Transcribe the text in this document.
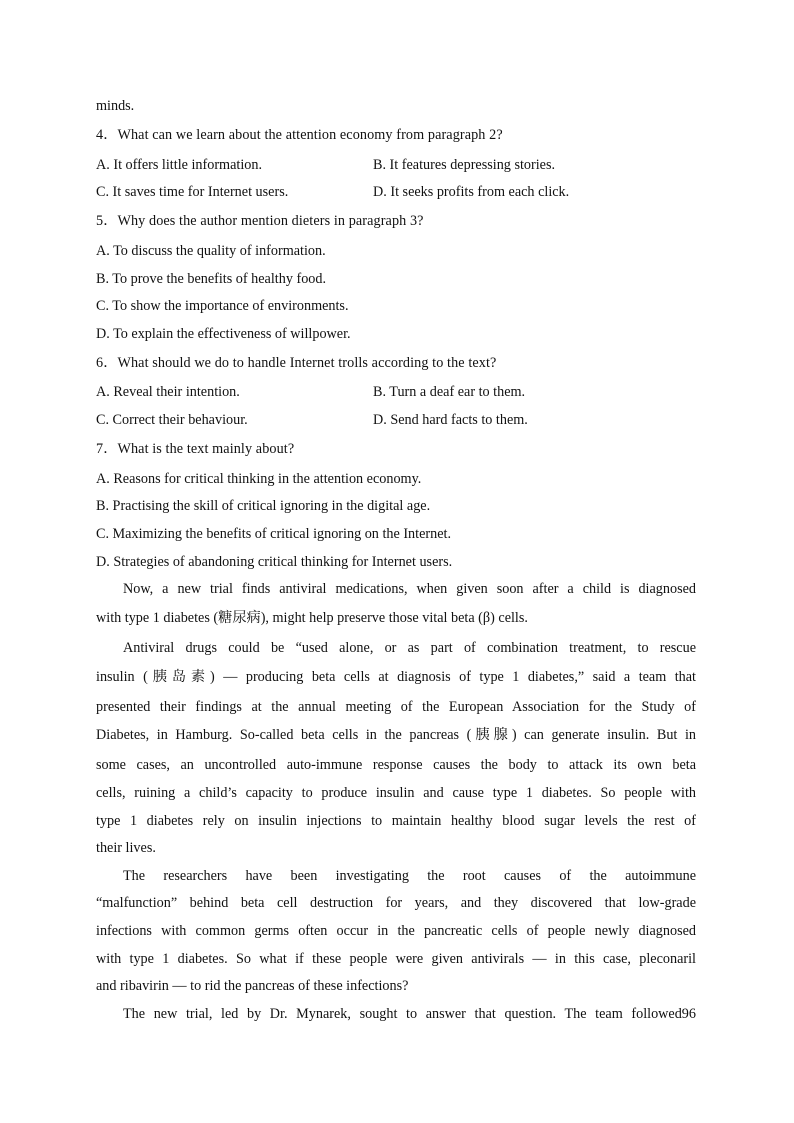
minds.
4．What can we learn about the attention economy from paragraph 2?
A. It offers little information.	B. It features depressing stories.
C. It saves time for Internet users.	D. It seeks profits from each click.
5．Why does the author mention dieters in paragraph 3?
A. To discuss the quality of information.
B. To prove the benefits of healthy food.
C. To show the importance of environments.
D. To explain the effectiveness of willpower.
6．What should we do to handle Internet trolls according to the text?
A. Reveal their intention.	B. Turn a deaf ear to them.
C. Correct their behaviour.	D. Send hard facts to them.
7．What is the text mainly about?
A. Reasons for critical thinking in the attention economy.
B. Practising the skill of critical ignoring in the digital age.
C. Maximizing the benefits of critical ignoring on the Internet.
D. Strategies of abandoning critical thinking for Internet users.
Now, a new trial finds antiviral medications, when given soon after a child is diagnosed
with type 1 diabetes (糖尿病), might help preserve those vital beta (β) cells.
Antiviral drugs could be “used alone, or as part of combination treatment, to rescue
insulin (胰岛素) — producing beta cells at diagnosis of type 1 diabetes,” said a team that
presented their findings at the annual meeting of the European Association for the Study of
Diabetes, in Hamburg. So-called beta cells in the pancreas (胰腺) can generate insulin. But in
some cases, an uncontrolled auto-immune response causes the body to attack its own beta
cells, ruining a child’s capacity to produce insulin and cause type 1 diabetes. So people with
type 1 diabetes rely on insulin injections to maintain healthy blood sugar levels the rest of
their lives.
The researchers have been investigating the root causes of the autoimmune
“malfunction” behind beta cell destruction for years, and they discovered that low-grade
infections with common germs often occur in the pancreatic cells of people newly diagnosed
with type 1 diabetes. So what if these people were given antivirals — in this case, pleconaril
and ribavirin — to rid the pancreas of these infections?
The new trial, led by Dr. Mynarek, sought to answer that question. The team followed96
